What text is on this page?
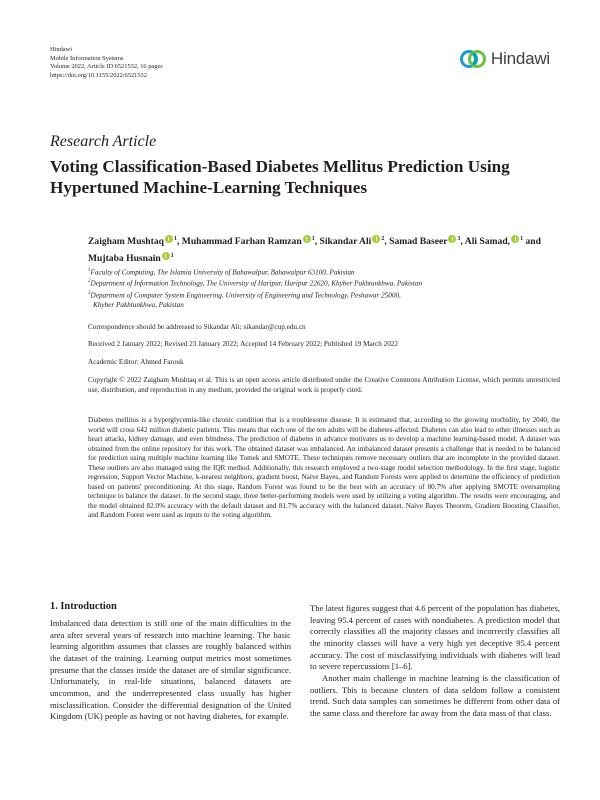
Hindawi
Mobile Information Systems
Volume 2022, Article ID 6521532, 16 pages
https://doi.org/10.1155/2022/6521532
Hindawi
Research Article
Voting Classification-Based Diabetes Mellitus Prediction Using Hypertuned Machine-Learning Techniques
Zaigham Mushtaq $^1$, Muhammad Farhan Ramzan $^1$, Sikandar Ali $^2$, Samad Baseer $^3$, Ali Samad, $^1$ and Mujtaba Husnain $^1$
$^1$Faculty of Computing, The Islamia University of Bahawalpur, Bahawalpur 63100, Pakistan
$^2$Department of Information Technology, The University of Haripur, Haripur 22620, Khyber Pakhtunkhwa, Pakistan
$^3$Department of Computer System Engineering, University of Engineering and Technology, Peshawar 25000,
Khyber Pakhtunkhwa, Pakistan
Correspondence should be addressed to Sikandar Ali; sikandar@cup.edu.cn
Received 2 January 2022; Revised 23 January 2022; Accepted 14 February 2022; Published 19 March 2022
Academic Editor: Ahmed Farouk
Copyright © 2022 Zaigham Mushtaq et al. This is an open access article distributed under the Creative Commons Attribution License, which permits unrestricted use, distribution, and reproduction in any medium, provided the original work is properly cited.
Diabetes mellitus is a hyperglycemia-like chronic condition that is a troublesome disease. It is estimated that, according to the growing morbidity, by 2040, the world will cross 642 million diabetic patients. This means that each one of the ten adults will be diabetes-affected. Diabetes can also lead to other illnesses such as heart attacks, kidney damage, and even blindness. The prediction of diabetes in advance motivates us to develop a machine learning-based model. A dataset was obtained from the online repository for this work. The obtained dataset was imbalanced. An imbalanced dataset presents a challenge that is needed to be balanced for prediction using multiple machine learning like Tomek and SMOTE. These techniques remove necessary outliers that are incomplete in the provided dataset. These outliers are also managed using the IQR method. Additionally, this research employed a two-stage model selection methodology. In the first stage, logistic regression, Support Vector Machine, k-nearest neighbors, gradient boost, Naive Bayes, and Random Forests were applied to determine the efficiency of prediction based on patients' preconditioning. At this stage, Random Forest was found to be the best with an accuracy of 80.7% after applying SMOTE oversampling technique to balance the dataset. In the second stage, three better-performing models were used by utilizing a voting algorithm. The results were encouraging, and the model obtained 82.0% accuracy with the default dataset and 81.7% accuracy with the balanced dataset. Naive Bayes Theorem, Gradient Boosting Classifier, and Random Forest were used as inputs to the voting algorithm.
1. Introduction

Imbalanced data detection is still one of the main difficulties in the area after several years of research into machine learning. The basic learning algorithm assumes that classes are roughly balanced within the dataset of the training. Learning output metrics most sometimes presume that the classes inside the dataset are of similar significance. Unfortunately, in real-life situations, balanced datasets are uncommon, and the underrepresented class usually has higher misclassification. Consider the differential designation of the United Kingdom (UK) people as having or not having diabetes, for example.

The latest figures suggest that 4.6 percent of the population has diabetes, leaving 95.4 percent of cases with nondiabetes. A prediction model that correctly classifies all the majority classes and incorrectly classifies all the minority classes will have a very high yet deceptive 95.4 percent accuracy. The cost of misclassifying individuals with diabetes will lead to severe repercussions [1–6].

Another main challenge in machine learning is the classification of outliers. This is because clusters of data seldom follow a consistent trend. Such data samples can sometimes be different from other data of the same class and therefore far away from the data mass of that class.
